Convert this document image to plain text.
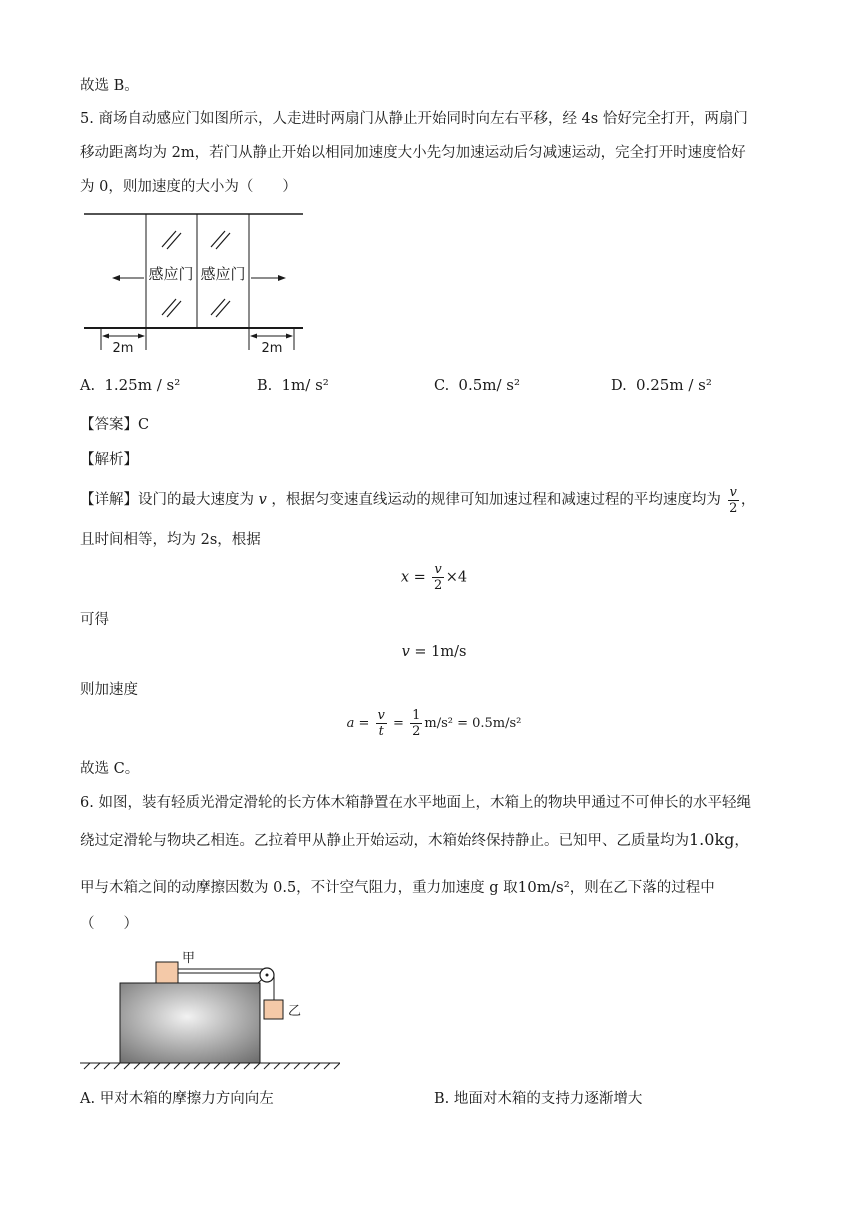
故选 B。
5. 商场自动感应门如图所示，人走进时两扇门从静止开始同时向左右平移，经 4s 恰好完全打开，两扇门
移动距离均为 2m，若门从静止开始以相同加速度大小先匀加速运动后匀减速运动，完全打开时速度恰好
为 0，则加速度的大小为（　　）
感应门 感应门
2m	2m
A. 1.25m / s²	B. 1m/ s²	C. 0.5m/ s²	D. 0.25m / s²
【答案】C
【解析】
【详解】设门的最大速度为 v ，根据匀变速直线运动的规律可知加速过程和减速过程的平均速度均为 $\frac{v}{2}$ ，
且时间相等，均为 2s，根据
$x = \frac{v}{2} \times 4$
可得
v = 1m/s
则加速度
$a = \frac{v}{t} = \frac{1}{2} m/s^2 = 0.5m/s^2$
故选 C。
6. 如图，装有轻质光滑定滑轮的长方体木箱静置在水平地面上，木箱上的物块甲通过不可伸长的水平轻绳
绕过定滑轮与物块乙相连。乙拉着甲从静止开始运动，木箱始终保持静止。已知甲、乙质量均为1.0kg，
甲与木箱之间的动摩擦因数为 0.5，不计空气阻力，重力加速度 g 取10m/s²，则在乙下落的过程中
（　　）
甲
乙
A. 甲对木箱的摩擦力方向向左	B. 地面对木箱的支持力逐渐增大
